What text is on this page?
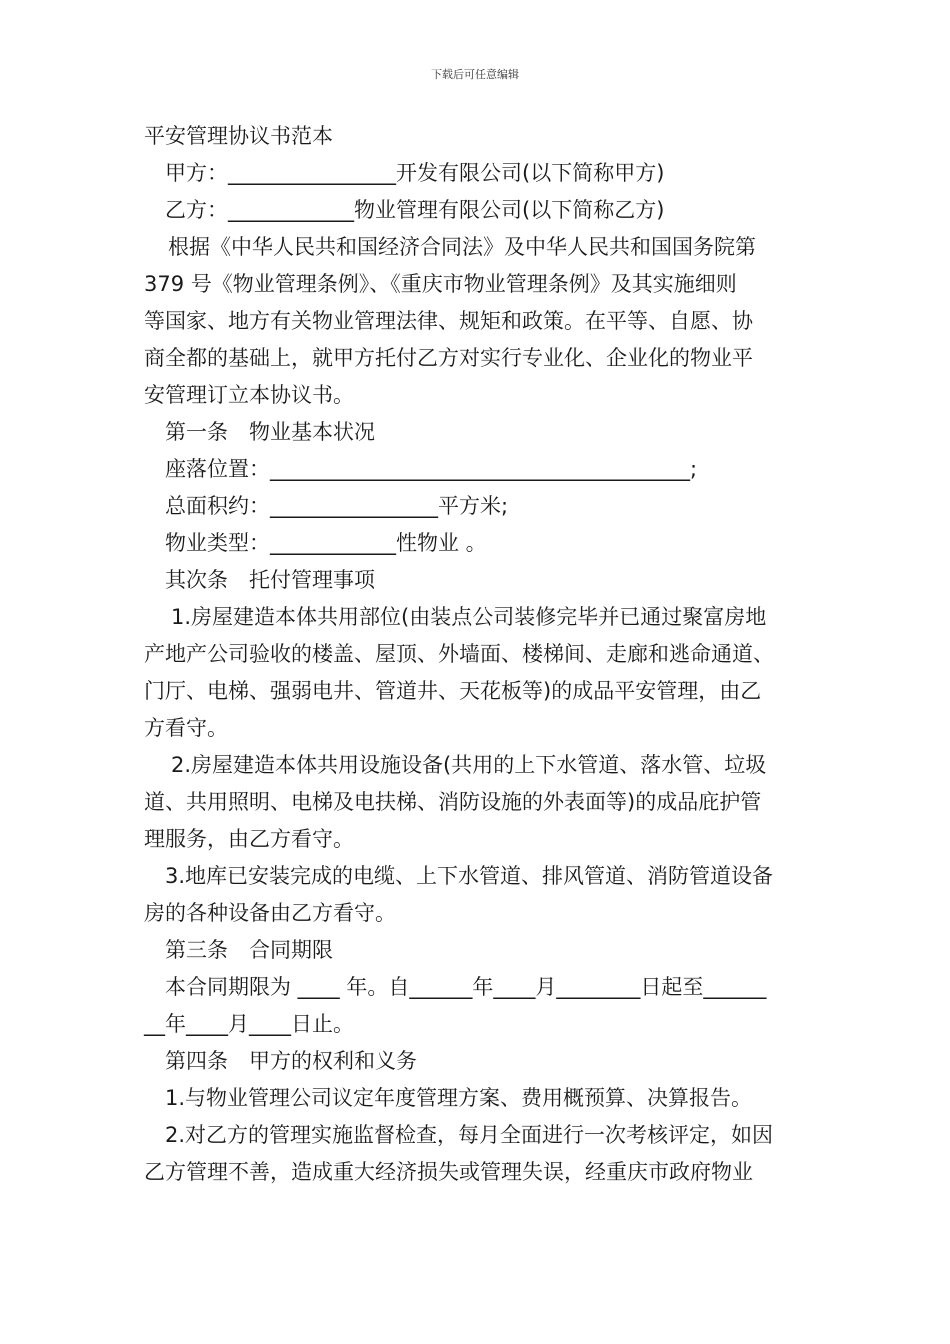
下载后可任意编辑
平安管理协议书范本
甲方：________________开发有限公司(以下简称甲方)
乙方：____________物业管理有限公司(以下简称乙方)
根据《中华人民共和国经济合同法》及中华人民共和国国务院第
379 号《物业管理条例》、《重庆市物业管理条例》及其实施细则
等国家、地方有关物业管理法律、规矩和政策。在平等、自愿、协
商全都的基础上，就甲方托付乙方对实行专业化、企业化的物业平
安管理订立本协议书。
第一条　物业基本状况
座落位置：________________________________________;
总面积约：________________平方米;
物业类型：____________性物业 。
其次条　托付管理事项
1.房屋建造本体共用部位(由装点公司装修完毕并已通过聚富房地
产地产公司验收的楼盖、屋顶、外墙面、楼梯间、走廊和逃命通道、
门厅、电梯、强弱电井、管道井、天花板等)的成品平安管理，由乙
方看守。
2.房屋建造本体共用设施设备(共用的上下水管道、落水管、垃圾
道、共用照明、电梯及电扶梯、消防设施的外表面等)的成品庇护管
理服务，由乙方看守。
3.地库已安装完成的电缆、上下水管道、排风管道、消防管道设备
房的各种设备由乙方看守。
第三条　合同期限
本合同期限为 ____ 年。自______年____月________日起至______
__年____月____日止。
第四条　甲方的权利和义务
1.与物业管理公司议定年度管理方案、费用概预算、决算报告。
2.对乙方的管理实施监督检查，每月全面进行一次考核评定，如因
乙方管理不善，造成重大经济损失或管理失误，经重庆市政府物业
